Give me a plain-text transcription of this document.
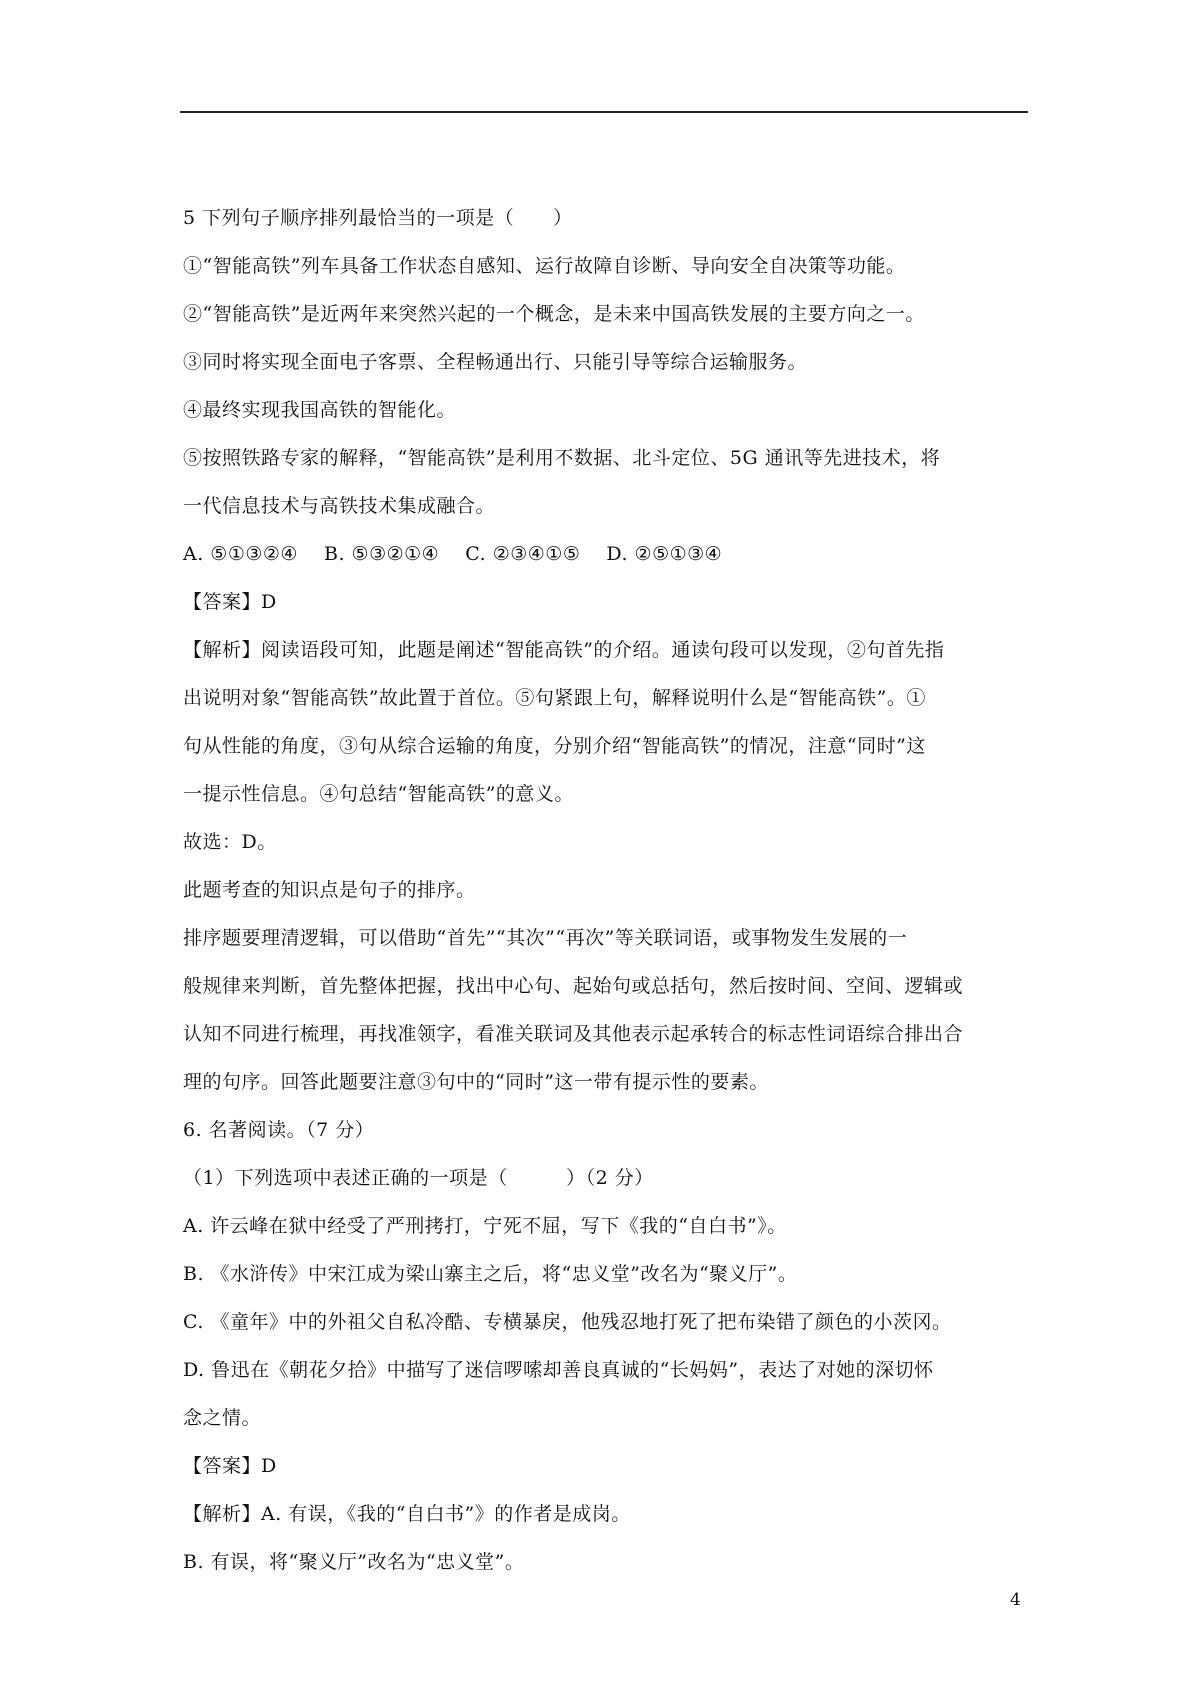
5 下列句子顺序排列最恰当的一项是（　　）
①“智能高铁”列车具备工作状态自感知、运行故障自诊断、导向安全自决策等功能。
②“智能高铁”是近两年来突然兴起的一个概念，是未来中国高铁发展的主要方向之一。
③同时将实现全面电子客票、全程畅通出行、只能引导等综合运输服务。
④最终实现我国高铁的智能化。
⑤按照铁路专家的解释，“智能高铁”是利用不数据、北斗定位、5G 通讯等先进技术，将
一代信息技术与高铁技术集成融合。
A. ⑤①③②④　 B. ⑤③②①④　 C. ②③④①⑤　 D. ②⑤①③④
【答案】D
【解析】阅读语段可知，此题是阐述“智能高铁”的介绍。通读句段可以发现，②句首先指
出说明对象“智能高铁”故此置于首位。⑤句紧跟上句，解释说明什么是“智能高铁”。①
句从性能的角度，③句从综合运输的角度，分别介绍“智能高铁”的情况，注意“同时”这
一提示性信息。④句总结“智能高铁”的意义。
故选：D。
此题考查的知识点是句子的排序。
排序题要理清逻辑，可以借助“首先”“其次”“再次”等关联词语，或事物发生发展的一
般规律来判断，首先整体把握，找出中心句、起始句或总括句，然后按时间、空间、逻辑或
认知不同进行梳理，再找准领字，看准关联词及其他表示起承转合的标志性词语综合排出合
理的句序。回答此题要注意③句中的“同时”这一带有提示性的要素。
6. 名著阅读。（7 分）
（1）下列选项中表述正确的一项是（　　　）（2 分）
A. 许云峰在狱中经受了严刑拷打，宁死不屈，写下《我的“自白书”》。
B. 《水浒传》中宋江成为梁山寨主之后，将“忠义堂”改名为“聚义厅”。
C. 《童年》中的外祖父自私冷酷、专横暴戾，他残忍地打死了把布染错了颜色的小茨冈。
D. 鲁迅在《朝花夕拾》中描写了迷信啰嗦却善良真诚的“长妈妈”，表达了对她的深切怀
念之情。
【答案】D
【解析】A. 有误，《我的“自白书”》的作者是成岗。
B. 有误，将“聚义厅”改名为“忠义堂”。
4
